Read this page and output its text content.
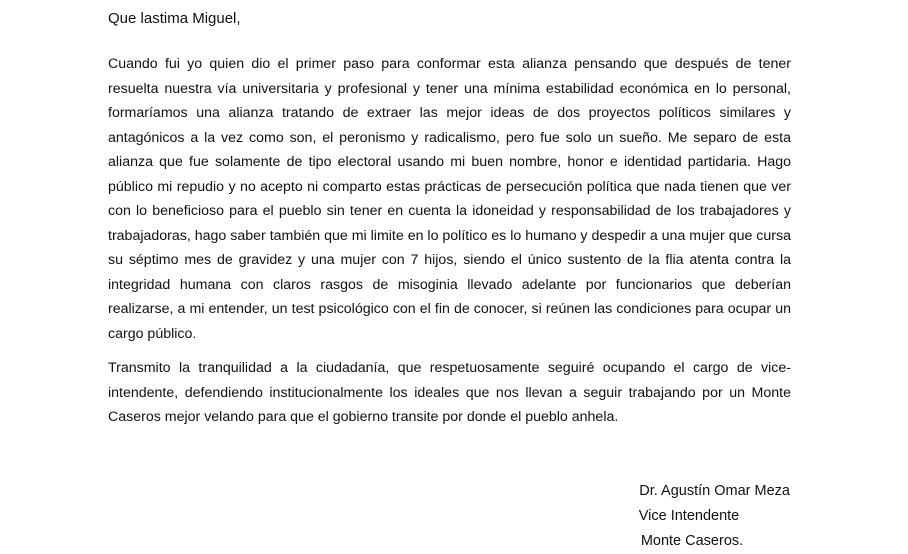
Que lastima Miguel,

Cuando fui yo quien dio el primer paso para conformar esta alianza pensando que después de tener resuelta nuestra vía universitaria y profesional y tener una mínima estabilidad económica en lo personal, formaríamos una alianza tratando de extraer las mejor ideas de dos proyectos políticos similares y antagónicos a la vez como son, el peronismo y radicalismo, pero fue solo un sueño. Me separo de esta alianza que fue solamente de tipo electoral usando mi buen nombre, honor e identidad partidaria. Hago público mi repudio y no acepto ni comparto estas prácticas de persecución política que nada tienen que ver con lo beneficioso para el pueblo sin tener en cuenta la idoneidad y responsabilidad de los trabajadores y trabajadoras, hago saber también que mi limite en lo político es lo humano y despedir a una mujer que cursa su séptimo mes de gravidez y una mujer con 7 hijos, siendo el único sustento de la flia atenta contra la integridad humana con claros rasgos de misoginia llevado adelante por funcionarios que deberían realizarse, a mi entender, un test psicológico con el fin de conocer, si reúnen las condiciones para ocupar un cargo público.

Transmito la tranquilidad a la ciudadanía, que respetuosamente seguiré ocupando el cargo de vice-intendente, defendiendo institucionalmente los ideales que nos llevan a seguir trabajando por un Monte Caseros mejor velando para que el gobierno transite por donde el pueblo anhela.

Dr. Agustín Omar Meza
Vice Intendente
Monte Caseros.
